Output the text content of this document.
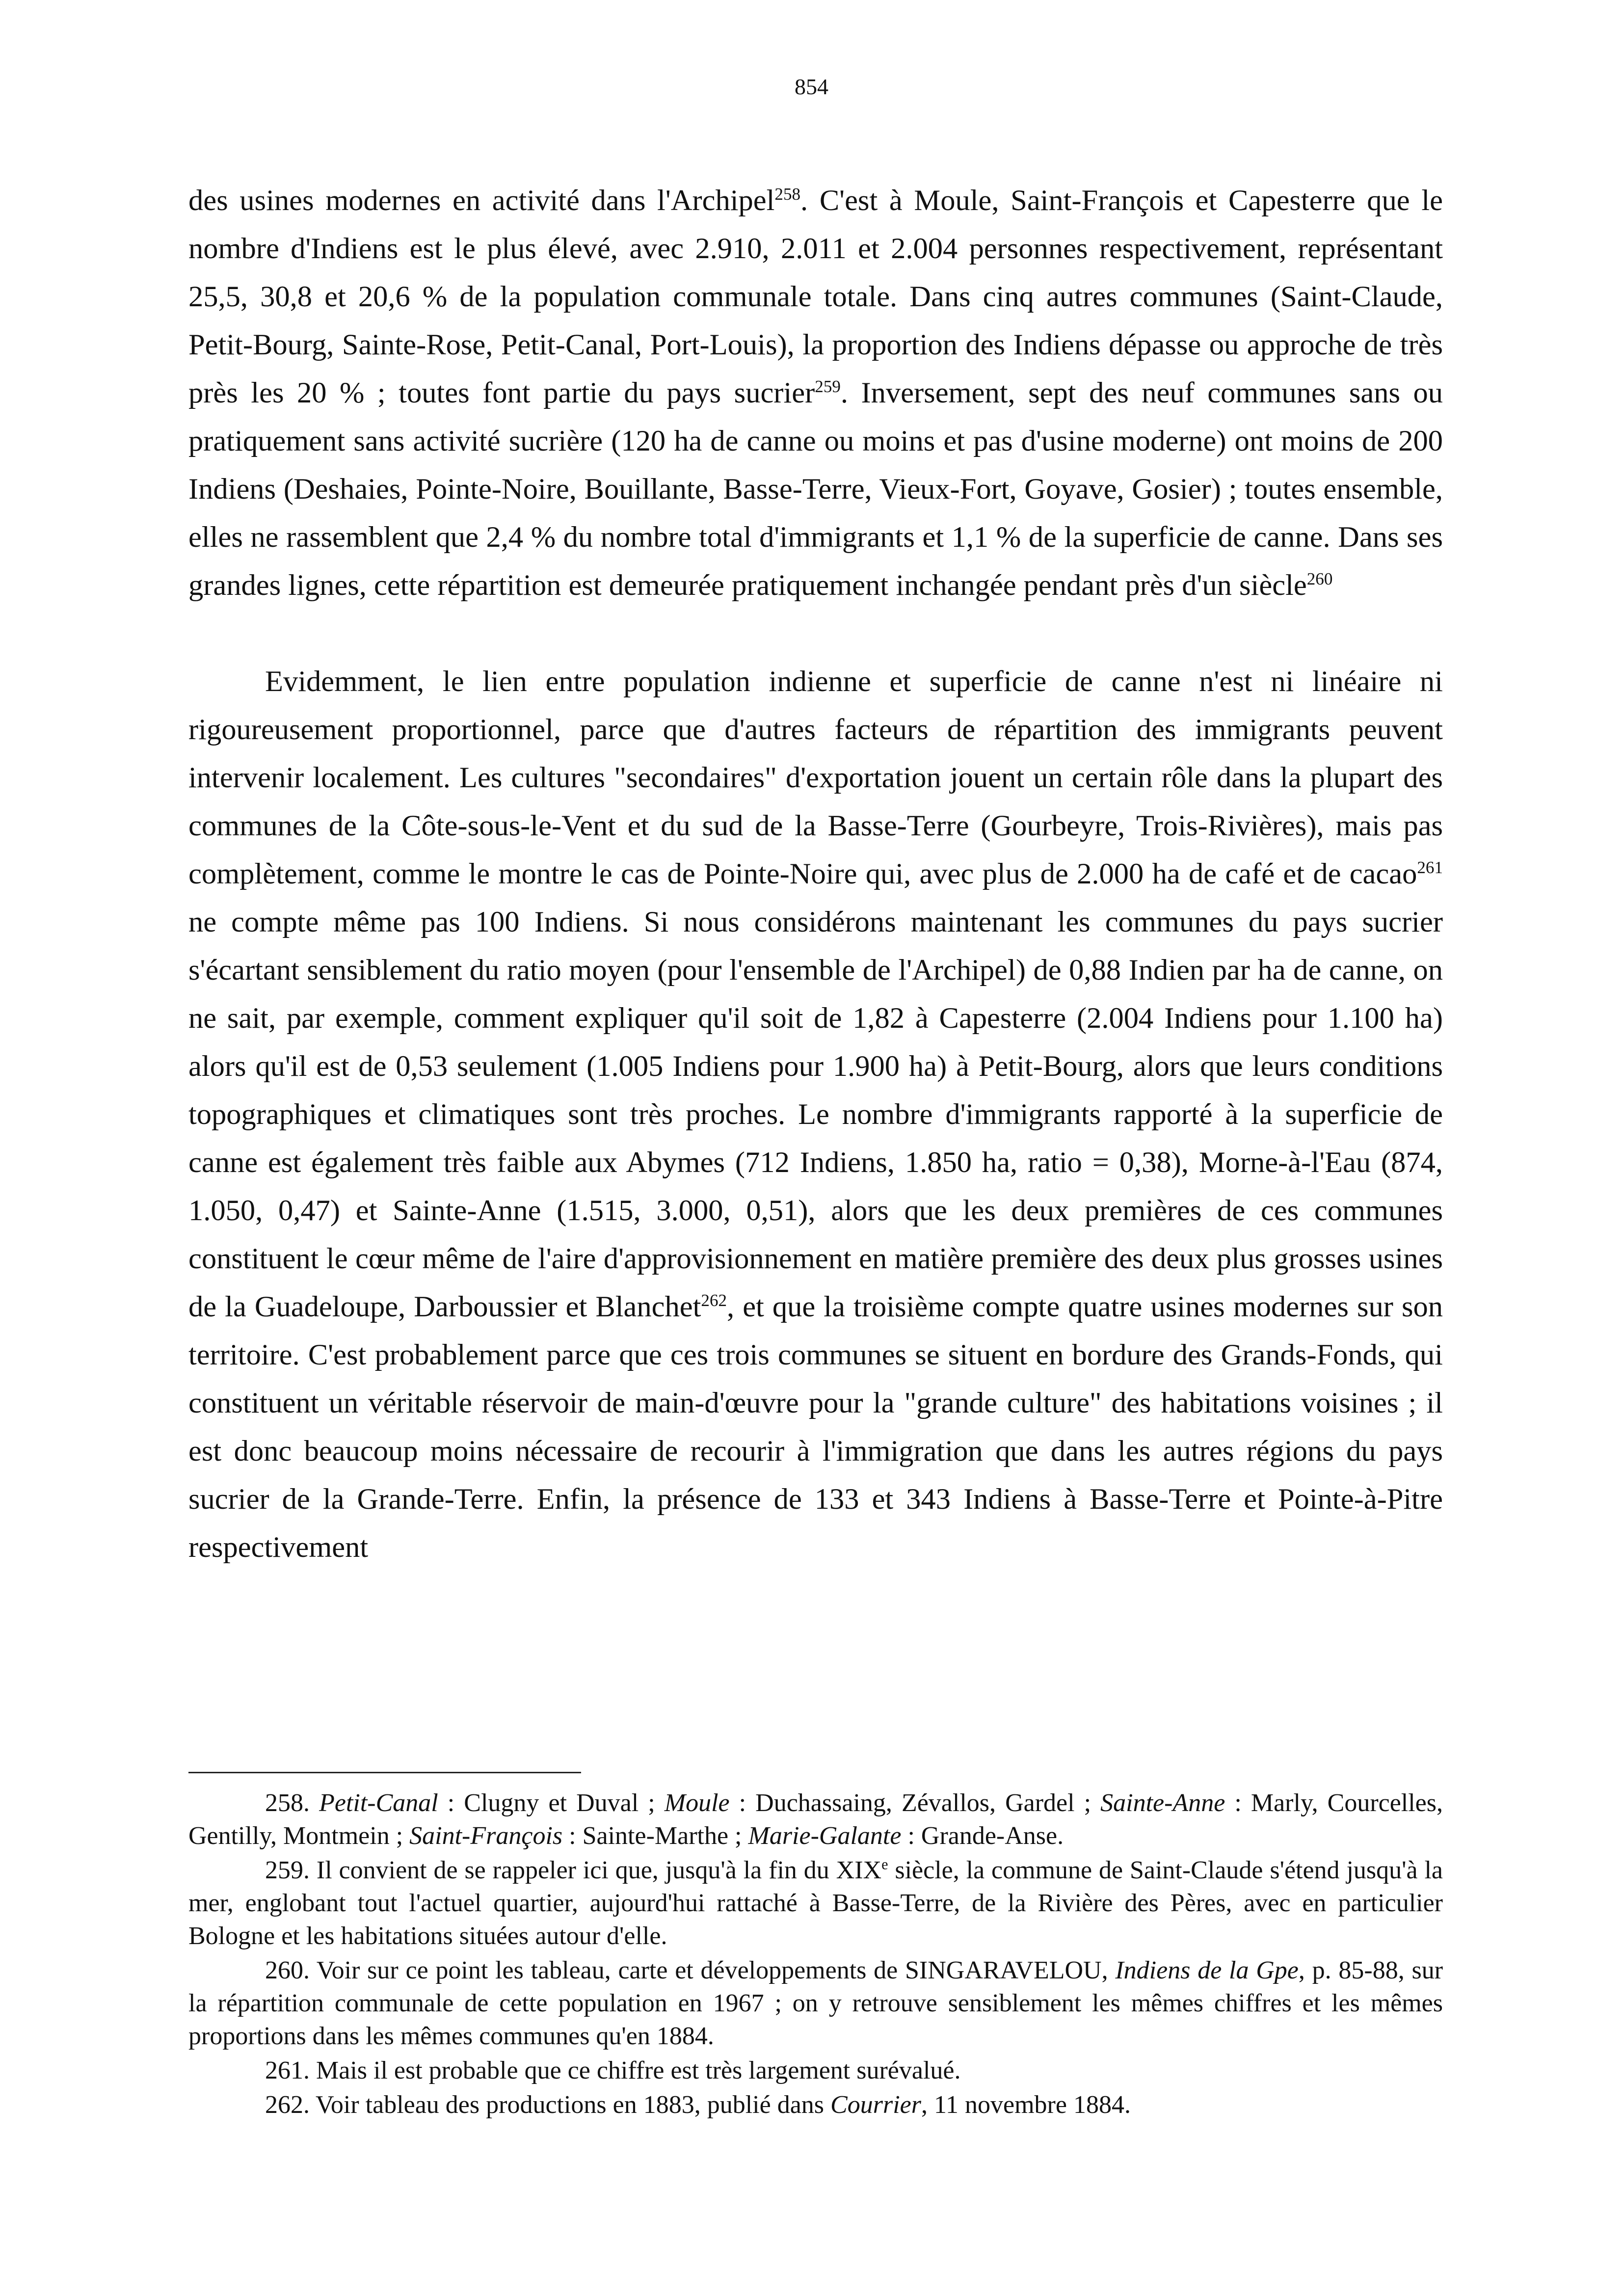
854

des usines modernes en activité dans l'Archipel$^{258}$. C'est à Moule, Saint-François et Capesterre que le nombre d'Indiens est le plus élevé, avec 2.910, 2.011 et 2.004 personnes respectivement, représentant 25,5, 30,8 et 20,6 % de la population communale totale. Dans cinq autres communes (Saint-Claude, Petit-Bourg, Sainte-Rose, Petit-Canal, Port-Louis), la proportion des Indiens dépasse ou approche de très près les 20 % ; toutes font partie du pays sucrier$^{259}$. Inversement, sept des neuf communes sans ou pratiquement sans activité sucrière (120 ha de canne ou moins et pas d'usine moderne) ont moins de 200 Indiens (Deshaies, Pointe-Noire, Bouillante, Basse-Terre, Vieux-Fort, Goyave, Gosier) ; toutes ensemble, elles ne rassemblent que 2,4 % du nombre total d'immigrants et 1,1 % de la superficie de canne. Dans ses grandes lignes, cette répartition est demeurée pratiquement inchangée pendant près d'un siècle$^{260}$

Evidemment, le lien entre population indienne et superficie de canne n'est ni linéaire ni rigoureusement proportionnel, parce que d'autres facteurs de répartition des immigrants peuvent intervenir localement. Les cultures "secondaires" d'exportation jouent un certain rôle dans la plupart des communes de la Côte-sous-le-Vent et du sud de la Basse-Terre (Gourbeyre, Trois-Rivières), mais pas complètement, comme le montre le cas de Pointe-Noire qui, avec plus de 2.000 ha de café et de cacao$^{261}$ ne compte même pas 100 Indiens. Si nous considérons maintenant les communes du pays sucrier s'écartant sensiblement du ratio moyen (pour l'ensemble de l'Archipel) de 0,88 Indien par ha de canne, on ne sait, par exemple, comment expliquer qu'il soit de 1,82 à Capesterre (2.004 Indiens pour 1.100 ha) alors qu'il est de 0,53 seulement (1.005 Indiens pour 1.900 ha) à Petit-Bourg, alors que leurs conditions topographiques et climatiques sont très proches. Le nombre d'immigrants rapporté à la superficie de canne est également très faible aux Abymes (712 Indiens, 1.850 ha, ratio = 0,38), Morne-à-l'Eau (874, 1.050, 0,47) et Sainte-Anne (1.515, 3.000, 0,51), alors que les deux premières de ces communes constituent le cœur même de l'aire d'approvisionnement en matière première des deux plus grosses usines de la Guadeloupe, Darboussier et Blanchet$^{262}$, et que la troisième compte quatre usines modernes sur son territoire. C'est probablement parce que ces trois communes se situent en bordure des Grands-Fonds, qui constituent un véritable réservoir de main-d'œuvre pour la "grande culture" des habitations voisines ; il est donc beaucoup moins nécessaire de recourir à l'immigration que dans les autres régions du pays sucrier de la Grande-Terre. Enfin, la présence de 133 et 343 Indiens à Basse-Terre et Pointe-à-Pitre respectivement

258. Petit-Canal : Clugny et Duval ; Moule : Duchassaing, Zévallos, Gardel ; Sainte-Anne : Marly, Courcelles, Gentilly, Montmein ; Saint-François : Sainte-Marthe ; Marie-Galante : Grande-Anse.

259. Il convient de se rappeler ici que, jusqu'à la fin du XIXe siècle, la commune de Saint-Claude s'étend jusqu'à la mer, englobant tout l'actuel quartier, aujourd'hui rattaché à Basse-Terre, de la Rivière des Pères, avec en particulier Bologne et les habitations situées autour d'elle.

260. Voir sur ce point les tableau, carte et développements de SINGARAVELOU, Indiens de la Gpe, p. 85-88, sur la répartition communale de cette population en 1967 ; on y retrouve sensiblement les mêmes chiffres et les mêmes proportions dans les mêmes communes qu'en 1884.

261. Mais il est probable que ce chiffre est très largement surévalué.

262. Voir tableau des productions en 1883, publié dans Courrier, 11 novembre 1884.
